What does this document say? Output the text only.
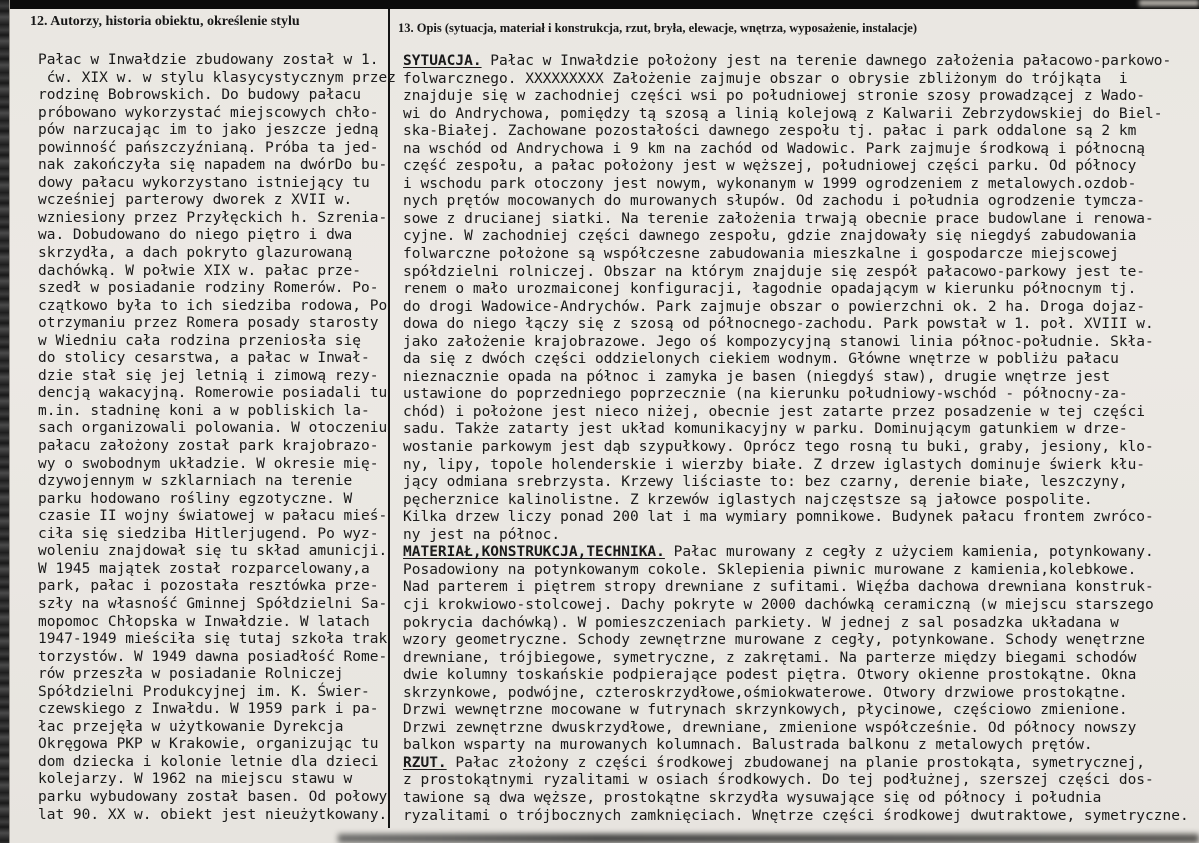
12. Autorzy, historia obiektu, określenie stylu	13. Opis (sytuacja, materiał i konstrukcja, rzut, bryła, elewacje, wnętrza, wyposażenie, instalacje)
Pałac w Inwałdzie zbudowany został w 1.
ćw. XIX w. w stylu klasycystycznym przez
rodzinę Bobrowskich. Do budowy pałacu
próbowano wykorzystać miejscowych chło-
pów narzucając im to jako jeszcze jedną
powinność pańszczyźnianą. Próba ta jed-
nak zakończyła się napadem na dwórDo bu-
dowy pałacu wykorzystano istniejący tu
wcześniej parterowy dworek z XVII w.
wzniesiony przez Przyłęckich h. Szrenia-
wa. Dobudowano do niego piętro i dwa
skrzydła, a dach pokryto glazurowaną
dachówką. W połwie XIX w. pałac prze-
szedł w posiadanie rodziny Romerów. Po-
czątkowo była to ich siedziba rodowa, Po
otrzymaniu przez Romera posady starosty
w Wiedniu cała rodzina przeniosła się
do stolicy cesarstwa, a pałac w Inwał-
dzie stał się jej letnią i zimową rezy-
dencją wakacyjną. Romerowie posiadali tu
m.in. stadninę koni a w pobliskich la-
sach organizowali polowania. W otoczeniu
pałacu założony został park krajobrazo-
wy o swobodnym układzie. W okresie mię-
dzywojennym w szklarniach na terenie
parku hodowano rośliny egzotyczne. W
czasie II wojny światowej w pałacu mieś-
ciła się siedziba Hitlerjugend. Po wyz-
woleniu znajdował się tu skład amunicji.
W 1945 majątek został rozparcelowany,a
park, pałac i pozostała resztówka prze-
szły na własność Gminnej Spółdzielni Sa-
mopomoc Chłopska w Inwałdzie. W latach
1947-1949 mieściła się tutaj szkoła trak
torzystów. W 1949 dawna posiadłość Rome-
rów przeszła w posiadanie Rolniczej
Spółdzielni Produkcyjnej im. K. Świer-
czewskiego z Inwałdu. W 1959 park i pa-
łac przejęła w użytkowanie Dyrekcja
Okręgowa PKP w Krakowie, organizując tu
dom dziecka i kolonie letnie dla dzieci
kolejarzy. W 1962 na miejscu stawu w
parku wybudowany został basen. Od połowy
lat 90. XX w. obiekt jest nieużytkowany.
SYTUACJA. Pałac w Inwałdzie położony jest na terenie dawnego założenia pałacowo-parkowo-
folwarcznego. XXXXXXXXX Założenie zajmuje obszar o obrysie zbliżonym do trójkąta  i
znajduje się w zachodniej części wsi po południowej stronie szosy prowadzącej z Wado-
wi do Andrychowa, pomiędzy tą szosą a linią kolejową z Kalwarii Zebrzydowskiej do Biel-
ska-Białej. Zachowane pozostałości dawnego zespołu tj. pałac i park oddalone są 2 km
na wschód od Andrychowa i 9 km na zachód od Wadowic. Park zajmuje środkową i północną
część zespołu, a pałac położony jest w węższej, południowej części parku. Od północy
i wschodu park otoczony jest nowym, wykonanym w 1999 ogrodzeniem z metalowych.ozdob-
nych prętów mocowanych do murowanych słupów. Od zachodu i południa ogrodzenie tymcza-
sowe z drucianej siatki. Na terenie założenia trwają obecnie prace budowlane i renowa-
cyjne. W zachodniej części dawnego zespołu, gdzie znajdowały się niegdyś zabudowania
folwarczne położone są współczesne zabudowania mieszkalne i gospodarcze miejscowej
spółdzielni rolniczej. Obszar na którym znajduje się zespół pałacowo-parkowy jest te-
renem o mało urozmaiconej konfiguracji, łagodnie opadającym w kierunku północnym tj.
do drogi Wadowice-Andrychów. Park zajmuje obszar o powierzchni ok. 2 ha. Droga dojaz-
dowa do niego łączy się z szosą od północnego-zachodu. Park powstał w 1. poł. XVIII w.
jako założenie krajobrazowe. Jego oś kompozycyjną stanowi linia północ-południe. Skła-
da się z dwóch części oddzielonych ciekiem wodnym. Główne wnętrze w pobliżu pałacu
nieznacznie opada na północ i zamyka je basen (niegdyś staw), drugie wnętrze jest
ustawione do poprzedniego poprzecznie (na kierunku południowy-wschód - północny-za-
chód) i położone jest nieco niżej, obecnie jest zatarte przez posadzenie w tej części
sadu. Także zatarty jest układ komunikacyjny w parku. Dominującym gatunkiem w drze-
wostanie parkowym jest dąb szypułkowy. Oprócz tego rosną tu buki, graby, jesiony, klo-
ny, lipy, topole holenderskie i wierzby białe. Z drzew iglastych dominuje świerk kłu-
jący odmiana srebrzysta. Krzewy liściaste to: bez czarny, derenie białe, leszczyny,
pęcherznice kalinolistne. Z krzewów iglastych najczęstsze są jałowce pospolite.
Kilka drzew liczy ponad 200 lat i ma wymiary pomnikowe. Budynek pałacu frontem zwróco-
ny jest na północ.
MATERIAŁ,KONSTRUKCJA,TECHNIKA. Pałac murowany z cegły z użyciem kamienia, potynkowany.
Posadowiony na potynkowanym cokole. Sklepienia piwnic murowane z kamienia,kolebkowe.
Nad parterem i piętrem stropy drewniane z sufitami. Więźba dachowa drewniana konstruk-
cji krokwiowo-stolcowej. Dachy pokryte w 2000 dachówką ceramiczną (w miejscu starszego
pokrycia dachówką). W pomieszczeniach parkiety. W jednej z sal posadzka układana w
wzory geometryczne. Schody zewnętrzne murowane z cegły, potynkowane. Schody wenętrzne
drewniane, trójbiegowe, symetryczne, z zakrętami. Na parterze między biegami schodów
dwie kolumny toskańskie podpierające podest piętra. Otwory okienne prostokątne. Okna
skrzynkowe, podwójne, czteroskrzydłowe,ośmiokwaterowe. Otwory drzwiowe prostokątne.
Drzwi wewnętrzne mocowane w futrynach skrzynkowych, płycinowe, częściowo zmienione.
Drzwi zewnętrzne dwuskrzydłowe, drewniane, zmienione współcześnie. Od północy nowszy
balkon wsparty na murowanych kolumnach. Balustrada balkonu z metalowych prętów.
RZUT. Pałac złożony z części środkowej zbudowanej na planie prostokąta, symetrycznej,
z prostokątnymi ryzalitami w osiach środkowych. Do tej podłużnej, szerszej części dos-
tawione są dwa węższe, prostokątne skrzydła wysuwające się od północy i południa
ryzalitami o trójbocznych zamknięciach. Wnętrze części środkowej dwutraktowe, symetryczne.
